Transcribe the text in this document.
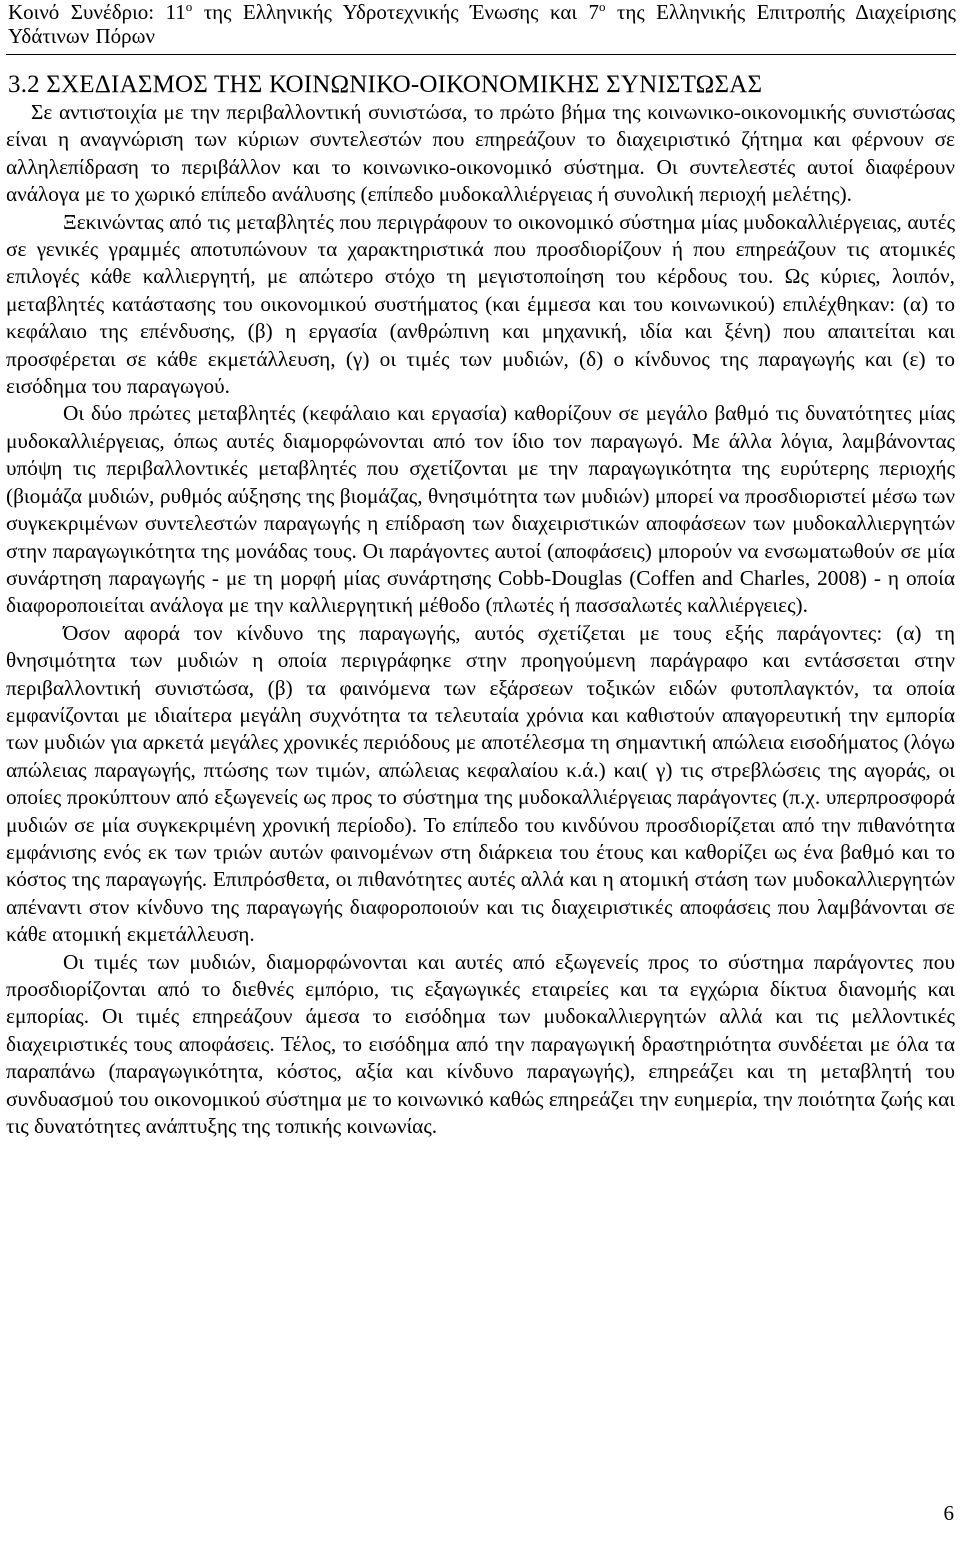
Κοινό Συνέδριο: $11^o$ της Ελληνικής Υδροτεχνικής Ένωσης και $7^o$ της Ελληνικής Επιτροπής Διαχείρισης
Υδάτινων Πόρων
3.2 ΣΧΕΔΙΑΣΜΟΣ ΤΗΣ ΚΟΙΝΩΝΙΚΟ-ΟΙΚΟΝΟΜΙΚΗΣ ΣΥΝΙΣΤΩΣΑΣ

Σε αντιστοιχία με την περιβαλλοντική συνιστώσα, το πρώτο βήμα της κοινωνικο-οικονομικής συνιστώσας είναι η αναγνώριση των κύριων συντελεστών που επηρεάζουν το διαχειριστικό ζήτημα και φέρνουν σε αλληλεπίδραση το περιβάλλον και το κοινωνικο-οικονομικό σύστημα. Οι συντελεστές αυτοί διαφέρουν ανάλογα με το χωρικό επίπεδο ανάλυσης (επίπεδο μυδοκαλλιέργειας ή συνολική περιοχή μελέτης).

Ξεκινώντας από τις μεταβλητές που περιγράφουν το οικονομικό σύστημα μίας μυδοκαλλιέργειας, αυτές σε γενικές γραμμές αποτυπώνουν τα χαρακτηριστικά που προσδιορίζουν ή που επηρεάζουν τις ατομικές επιλογές κάθε καλλιεργητή, με απώτερο στόχο τη μεγιστοποίηση του κέρδους του. Ως κύριες, λοιπόν, μεταβλητές κατάστασης του οικονομικού συστήματος (και έμμεσα και του κοινωνικού) επιλέχθηκαν: (α) το κεφάλαιο της επένδυσης, (β) η εργασία (ανθρώπινη και μηχανική, ιδία και ξένη) που απαιτείται και προσφέρεται σε κάθε εκμετάλλευση, (γ) οι τιμές των μυδιών, (δ) ο κίνδυνος της παραγωγής και (ε) το εισόδημα του παραγωγού.

Οι δύο πρώτες μεταβλητές (κεφάλαιο και εργασία) καθορίζουν σε μεγάλο βαθμό τις δυνατότητες μίας μυδοκαλλιέργειας, όπως αυτές διαμορφώνονται από τον ίδιο τον παραγωγό. Με άλλα λόγια, λαμβάνοντας υπόψη τις περιβαλλοντικές μεταβλητές που σχετίζονται με την παραγωγικότητα της ευρύτερης περιοχής (βιομάζα μυδιών, ρυθμός αύξησης της βιομάζας, θνησιμότητα των μυδιών) μπορεί να προσδιοριστεί μέσω των συγκεκριμένων συντελεστών παραγωγής η επίδραση των διαχειριστικών αποφάσεων των μυδοκαλλιεργητών στην παραγωγικότητα της μονάδας τους. Οι παράγοντες αυτοί (αποφάσεις) μπορούν να ενσωματωθούν σε μία συνάρτηση παραγωγής - με τη μορφή μίας συνάρτησης Cobb-Douglas (Coffen and Charles, 2008) - η οποία διαφοροποιείται ανάλογα με την καλλιεργητική μέθοδο (πλωτές ή πασσαλωτές καλλιέργειες).

Όσον αφορά τον κίνδυνο της παραγωγής, αυτός σχετίζεται με τους εξής παράγοντες: (α) τη θνησιμότητα των μυδιών η οποία περιγράφηκε στην προηγούμενη παράγραφο και εντάσσεται στην περιβαλλοντική συνιστώσα, (β) τα φαινόμενα των εξάρσεων τοξικών ειδών φυτοπλαγκτόν, τα οποία εμφανίζονται με ιδιαίτερα μεγάλη συχνότητα τα τελευταία χρόνια και καθιστούν απαγορευτική την εμπορία των μυδιών για αρκετά μεγάλες χρονικές περιόδους με αποτέλεσμα τη σημαντική απώλεια εισοδήματος (λόγω απώλειας παραγωγής, πτώσης των τιμών, απώλειας κεφαλαίου κ.ά.) και( γ) τις στρεβλώσεις της αγοράς, οι οποίες προκύπτουν από εξωγενείς ως προς το σύστημα της μυδοκαλλιέργειας παράγοντες (π.χ. υπερπροσφορά μυδιών σε μία συγκεκριμένη χρονική περίοδο). Το επίπεδο του κινδύνου προσδιορίζεται από την πιθανότητα εμφάνισης ενός εκ των τριών αυτών φαινομένων στη διάρκεια του έτους και καθορίζει ως ένα βαθμό και το κόστος της παραγωγής. Επιπρόσθετα, οι πιθανότητες αυτές αλλά και η ατομική στάση των μυδοκαλλιεργητών απέναντι στον κίνδυνο της παραγωγής διαφοροποιούν και τις διαχειριστικές αποφάσεις που λαμβάνονται σε κάθε ατομική εκμετάλλευση.

Οι τιμές των μυδιών, διαμορφώνονται και αυτές από εξωγενείς προς το σύστημα παράγοντες που προσδιορίζονται από το διεθνές εμπόριο, τις εξαγωγικές εταιρείες και τα εγχώρια δίκτυα διανομής και εμπορίας. Οι τιμές επηρεάζουν άμεσα το εισόδημα των μυδοκαλλιεργητών αλλά και τις μελλοντικές διαχειριστικές τους αποφάσεις. Τέλος, το εισόδημα από την παραγωγική δραστηριότητα συνδέεται με όλα τα παραπάνω (παραγωγικότητα, κόστος, αξία και κίνδυνο παραγωγής), επηρεάζει και τη μεταβλητή του συνδυασμού του οικονομικού σύστημα με το κοινωνικό καθώς επηρεάζει την ευημερία, την ποιότητα ζωής και τις δυνατότητες ανάπτυξης της τοπικής κοινωνίας.

6
